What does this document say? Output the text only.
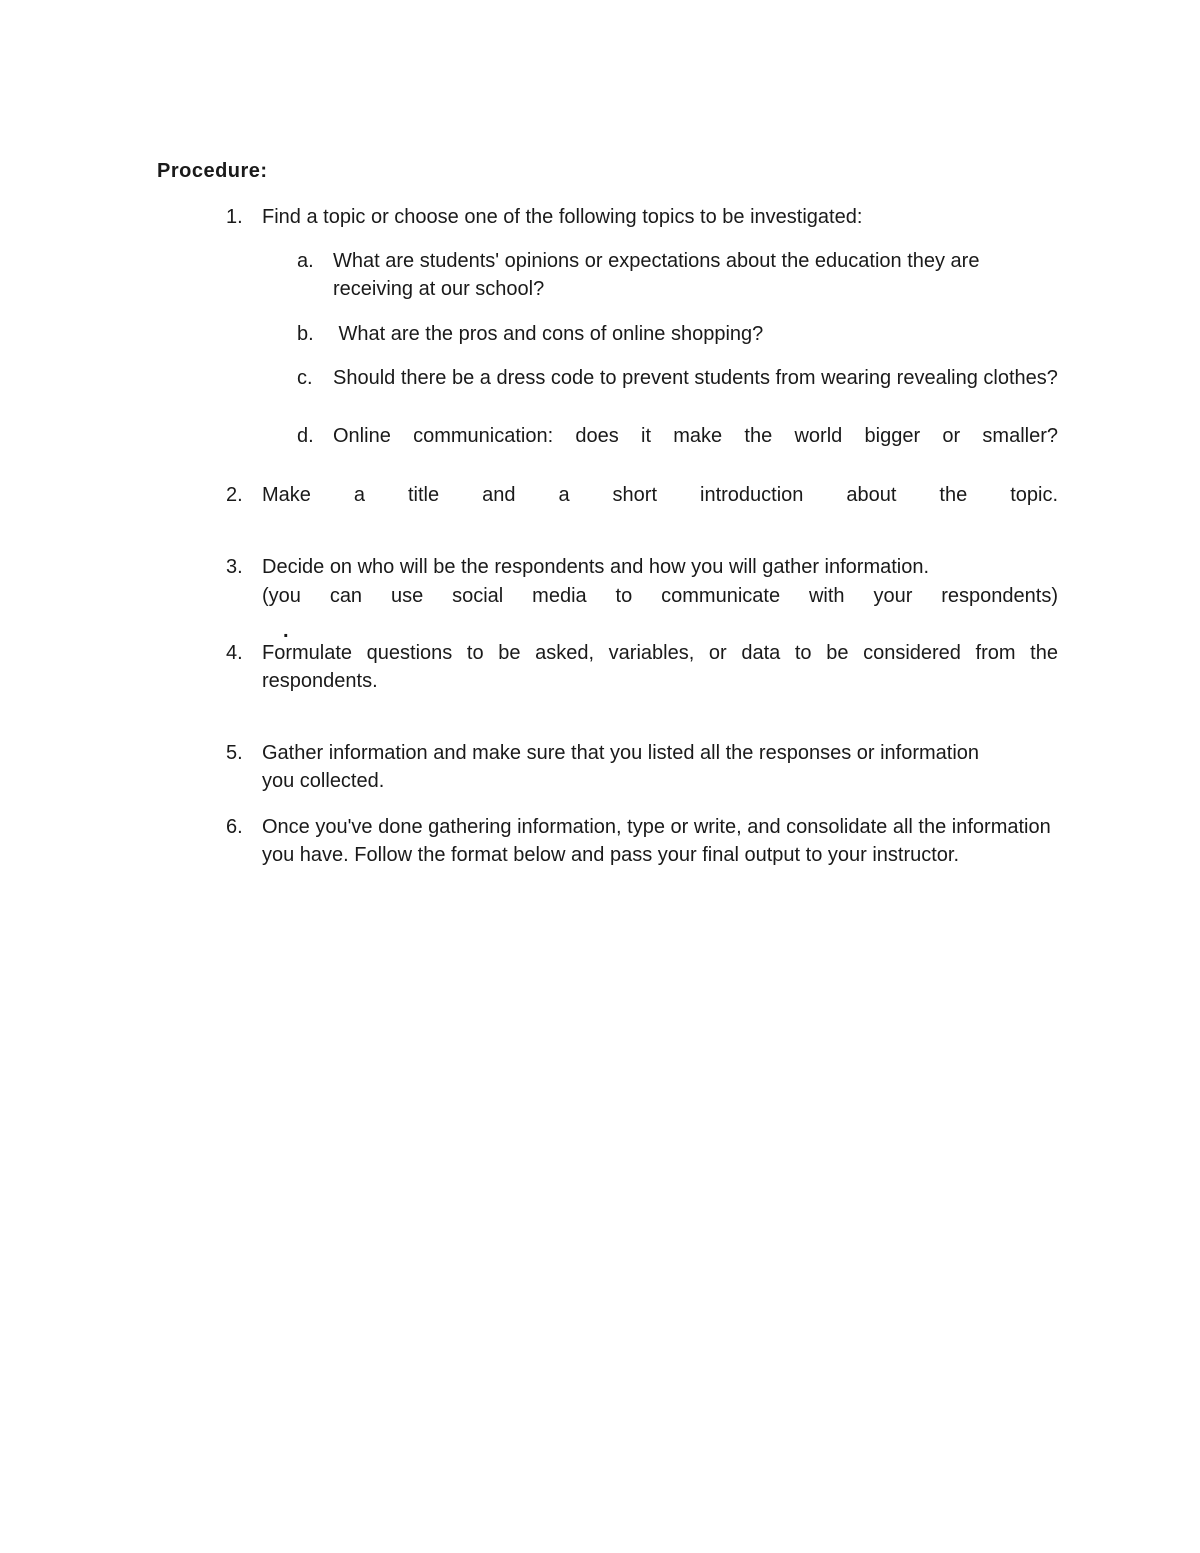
Procedure:
1. Find a topic or choose one of the following topics to be investigated:
a. What are students' opinions or expectations about the education they are receiving at our school?
b. What are the pros and cons of online shopping?
c.	Should there be a dress code to prevent students from wearing revealing clothes?
d. Online communication: does it make the world bigger or smaller?
2. Make a title and a short introduction about the topic.
3. Decide on who will be the respondents and how you will gather information.
(you can use social media to communicate with your respondents)
.
4. Formulate questions to be asked, variables, or data to be considered from the respondents.
5. Gather information and make sure that you listed all the responses or information you collected.
6. Once you've done gathering information, type or write, and consolidate all the information you have. Follow the format below and pass your final output to your instructor.
